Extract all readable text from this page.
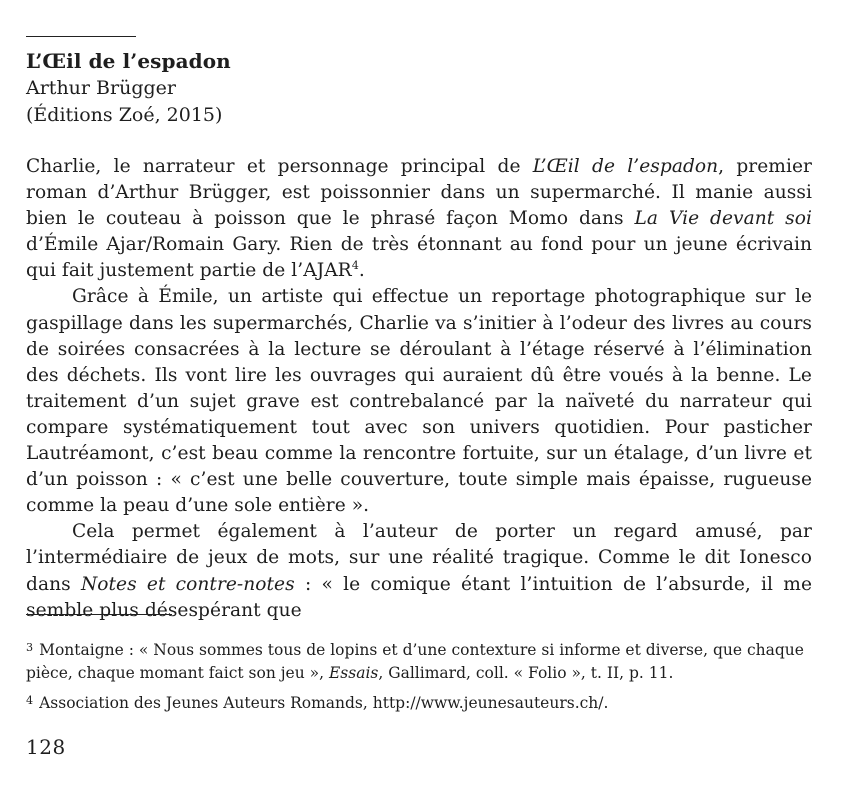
L’Œil de l’espadon
Arthur Brügger
(Éditions Zoé, 2015)

Charlie, le narrateur et personnage principal de L’Œil de l’espadon, premier roman d’Arthur Brügger, est poissonnier dans un supermarché. Il manie aussi bien le couteau à poisson que le phrasé façon Momo dans La Vie devant soi d’Émile Ajar/Romain Gary. Rien de très étonnant au fond pour un jeune écrivain qui fait justement partie de l’AJAR$^4$.

Grâce à Émile, un artiste qui effectue un reportage photographique sur le gaspillage dans les supermarchés, Charlie va s’initier à l’odeur des livres au cours de soirées consacrées à la lecture se déroulant à l’étage réservé à l’élimination des déchets. Ils vont lire les ouvrages qui auraient dû être voués à la benne. Le traitement d’un sujet grave est contrebalancé par la naïveté du narrateur qui compare systématiquement tout avec son univers quotidien. Pour pasticher Lautréamont, c’est beau comme la rencontre fortuite, sur un étalage, d’un livre et d’un poisson : « c’est une belle couverture, toute simple mais épaisse, rugueuse comme la peau d’une sole entière ».

Cela permet également à l’auteur de porter un regard amusé, par l’intermédiaire de jeux de mots, sur une réalité tragique. Comme le dit Ionesco dans Notes et contre-notes : « le comique étant l’intuition de l’absurde, il me semble plus désespérant que

$^3$ Montaigne : « Nous sommes tous de lopins et d’une contexture si informe et diverse, que chaque pièce, chaque momant faict son jeu », Essais, Gallimard, coll. « Folio », t. II, p. 11.

$^4$ Association des Jeunes Auteurs Romands, http://www.jeunesauteurs.ch/.

128
